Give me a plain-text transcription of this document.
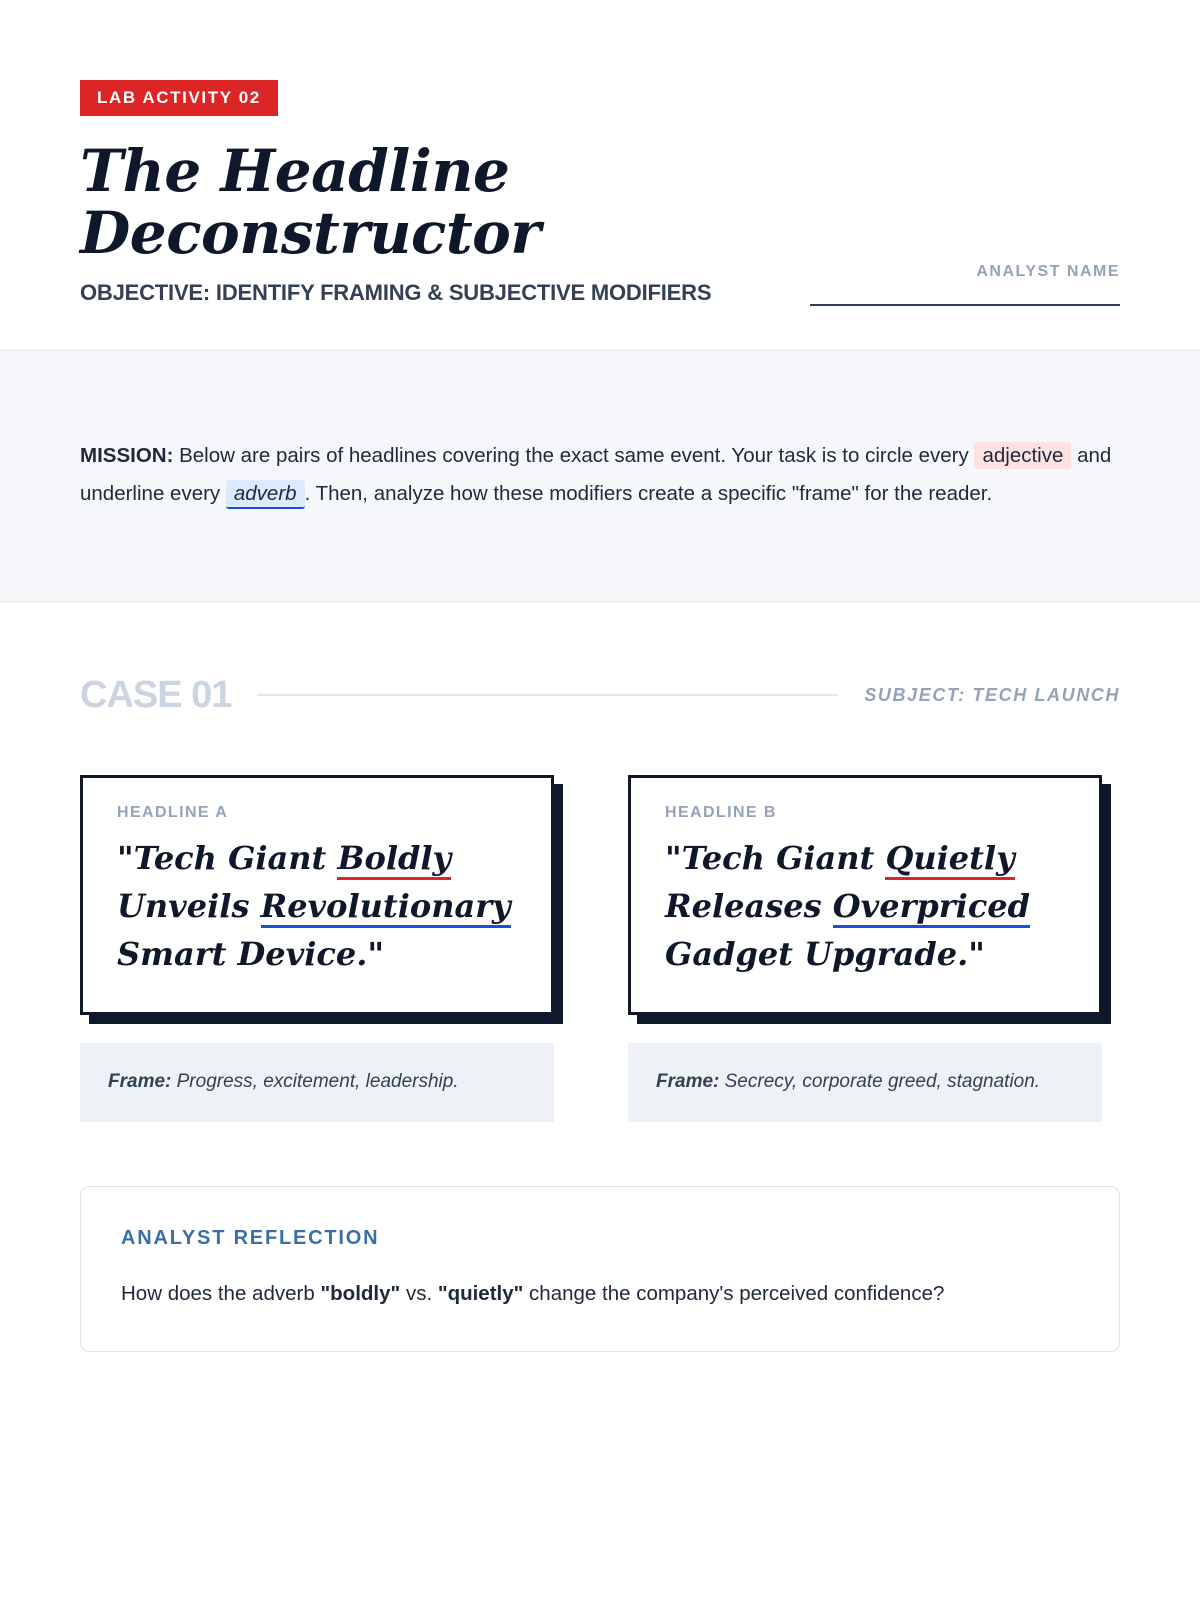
LAB ACTIVITY 02
The Headline Deconstructor
OBJECTIVE: IDENTIFY FRAMING & SUBJECTIVE MODIFIERS
ANALYST NAME

MISSION: Below are pairs of headlines covering the exact same event. Your task is to circle every adjective and underline every adverb . Then, analyze how these modifiers create a specific "frame" for the reader.

CASE 01	SUBJECT: TECH LAUNCH
HEADLINE A
"Tech Giant Boldly Unveils Revolutionary Smart Device."
Frame: Progress, excitement, leadership.
HEADLINE B
"Tech Giant Quietly Releases Overpriced Gadget Upgrade."
Frame: Secrecy, corporate greed, stagnation.
ANALYST REFLECTION
How does the adverb "boldly" vs. "quietly" change the company's perceived confidence?
